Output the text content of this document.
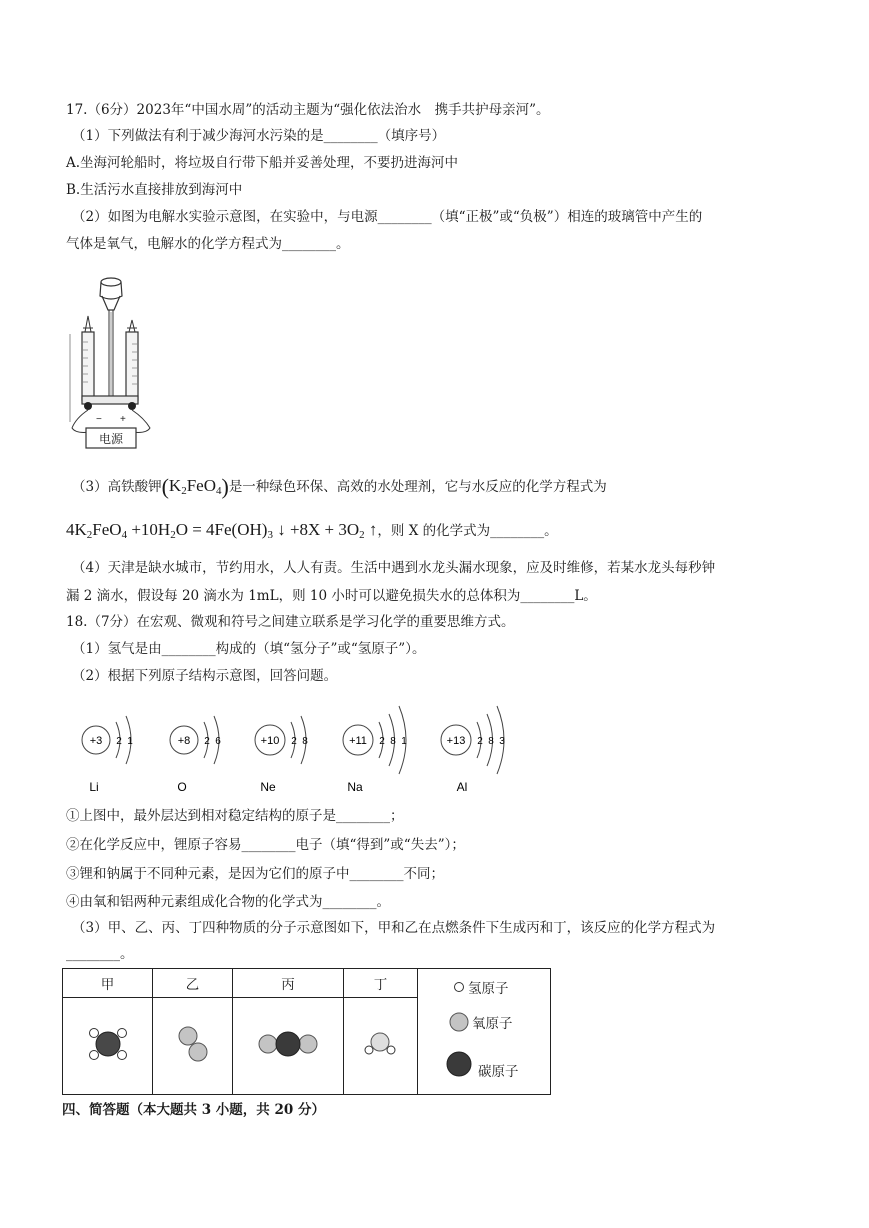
17.（6分）2023年“中国水周”的活动主题为“强化依法治水　携手共护母亲河”。
（1）下列做法有利于减少海河水污染的是________（填序号）
A.坐海河轮船时，将垃圾自行带下船并妥善处理，不要扔进海河中
B.生活污水直接排放到海河中
（2）如图为电解水实验示意图，在实验中，与电源________（填“正极”或“负极”）相连的玻璃管中产生的
气体是氧气，电解水的化学方程式为________。
− +
电源
（3）高铁酸钾$(K_2FeO_4)$是一种绿色环保、高效的水处理剂，它与水反应的化学方程式为
$4K_2FeO_4 +10H_2O = 4Fe(OH)_3$ ↓ $+8X + 3O_2$ ↑，则 X 的化学式为________。
（4）天津是缺水城市，节约用水，人人有责。生活中遇到水龙头漏水现象，应及时维修，若某水龙头每秒钟
漏 2 滴水，假设每 20 滴水为 1mL，则 10 小时可以避免损失水的总体积为________L。
18.（7分）在宏观、微观和符号之间建立联系是学习化学的重要思维方式。
（1）氢气是由________构成的（填“氢分子”或“氢原子”）。
（2）根据下列原子结构示意图，回答问题。
+3 2 1
Li
+8 2 6
O
+10 2 8
Ne
+11 2 8 1
Na
+13 2 8 3
Al
①上图中，最外层达到相对稳定结构的原子是________；
②在化学反应中，锂原子容易________电子（填“得到”或“失去”）；
③锂和钠属于不同种元素，是因为它们的原子中________不同；
④由氧和铝两种元素组成化合物的化学式为________。
（3）甲、乙、丙、丁四种物质的分子示意图如下，甲和乙在点燃条件下生成丙和丁，该反应的化学方程式为
________。
甲	乙	丙	丁	氢原子
氧原子
碳原子

四、简答题（本大题共 3 小题，共 20 分）
